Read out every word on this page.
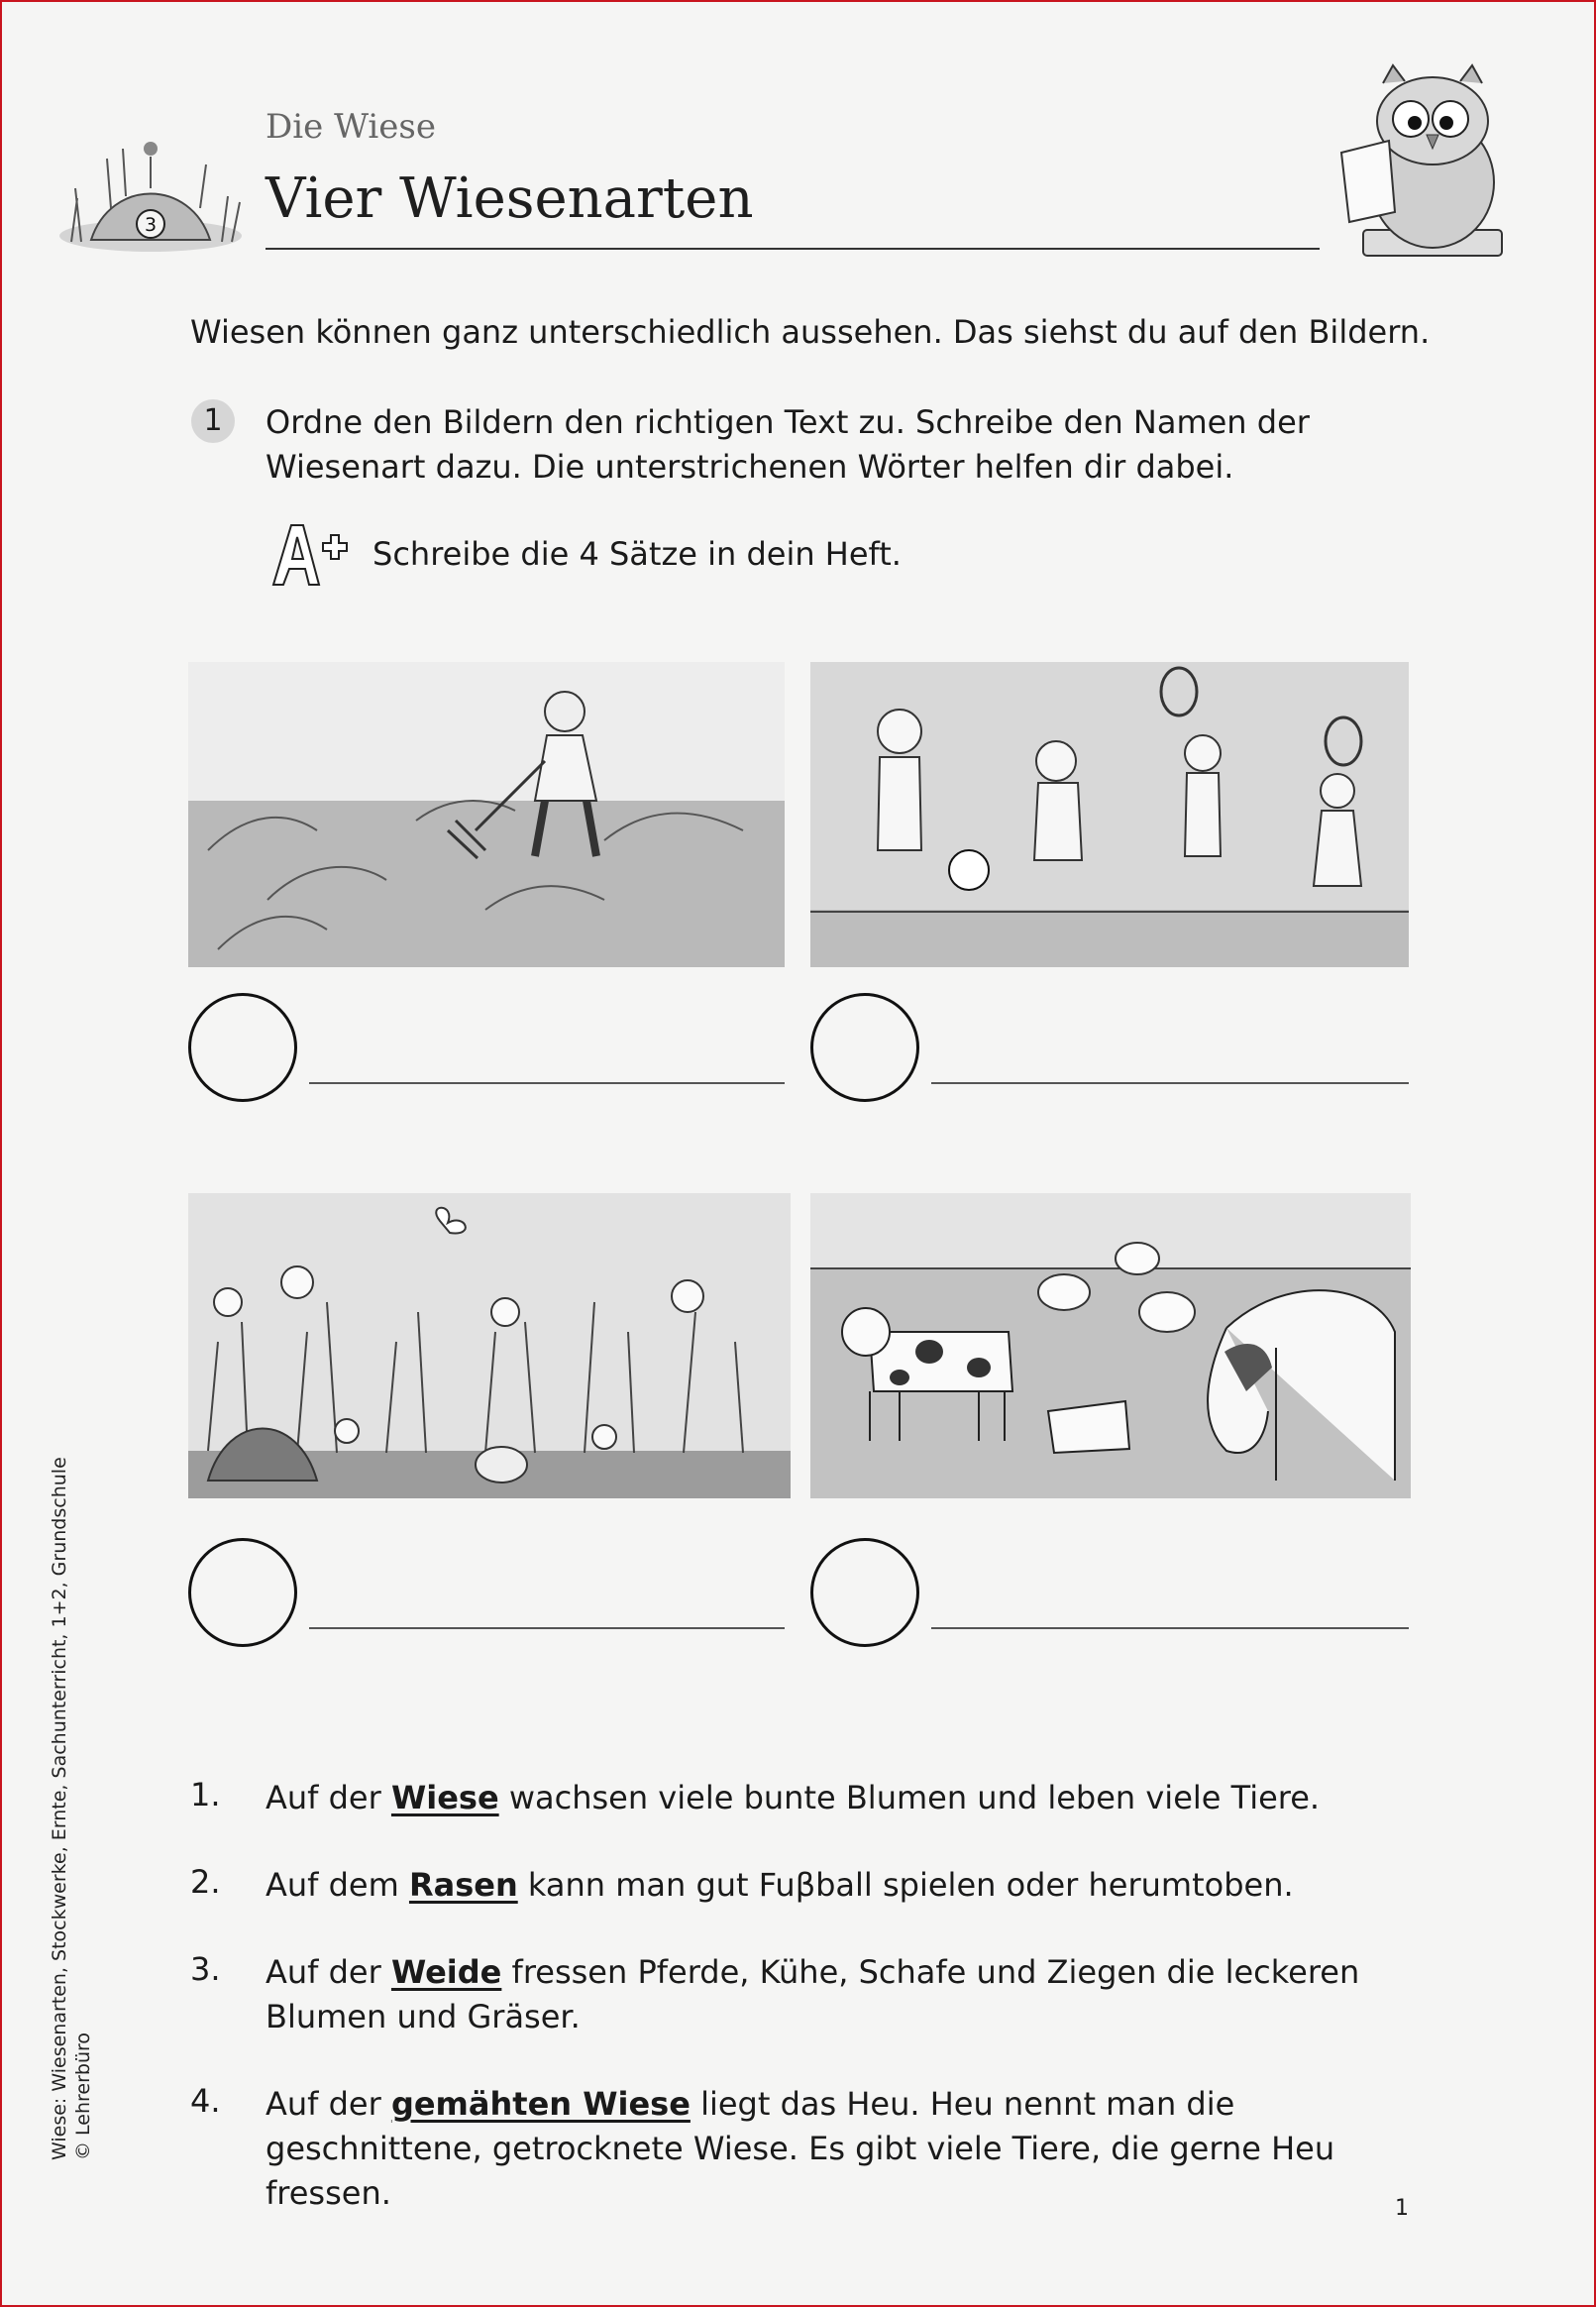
3
Die Wiese
Vier Wiesenarten
Wiesen können ganz unterschiedlich aussehen. Das siehst du auf den Bildern.
1	Ordne den Bildern den richtigen Text zu. Schreibe den Namen der Wiesenart dazu. Die unterstrichenen Wörter helfen dir dabei.
Schreibe die 4 Sätze in dein Heft.
1. Auf der Wiese wachsen viele bunte Blumen und leben viele Tiere.
2. Auf dem Rasen kann man gut Fuβball spielen oder herumtoben.
3. Auf der Weide fressen Pferde, Kühe, Schafe und Ziegen die leckeren Blumen und Gräser.
4. Auf der gemähten Wiese liegt das Heu. Heu nennt man die geschnittene, getrocknete Wiese. Es gibt viele Tiere, die gerne Heu fressen.
Wiese: Wiesenarten, Stockwerke, Ernte, Sachunterricht, 1+2, Grundschule © Lehrerbüro
1
